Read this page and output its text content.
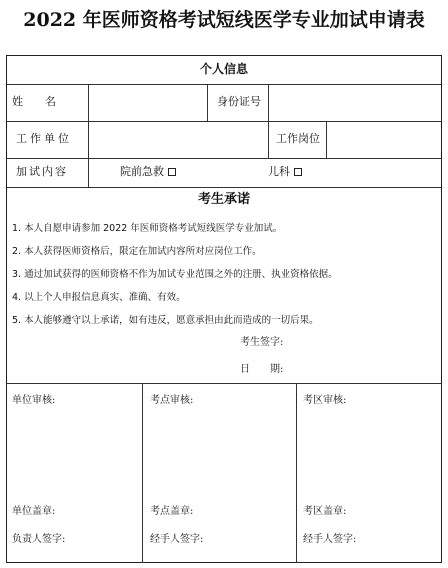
2022 年医师资格考试短线医学专业加试申请表
个人信息
姓　　名	身份证号
工作单位	工作岗位
加试内容	院前急救	儿科
考生承诺
1. 本人自愿申请参加 2022 年医师资格考试短线医学专业加试。
2. 本人获得医师资格后，限定在加试内容所对应岗位工作。
3. 通过加试获得的医师资格不作为加试专业范围之外的注册、执业资格依据。
4. 以上个人申报信息真实、准确、有效。
5. 本人能够遵守以上承诺，如有违反，愿意承担由此而造成的一切后果。
考生签字:
日　　期:
单位审核:
单位盖章:
负责人签字:
考点审核:
考点盖章:
经手人签字:
考区审核:
考区盖章:
经手人签字:
